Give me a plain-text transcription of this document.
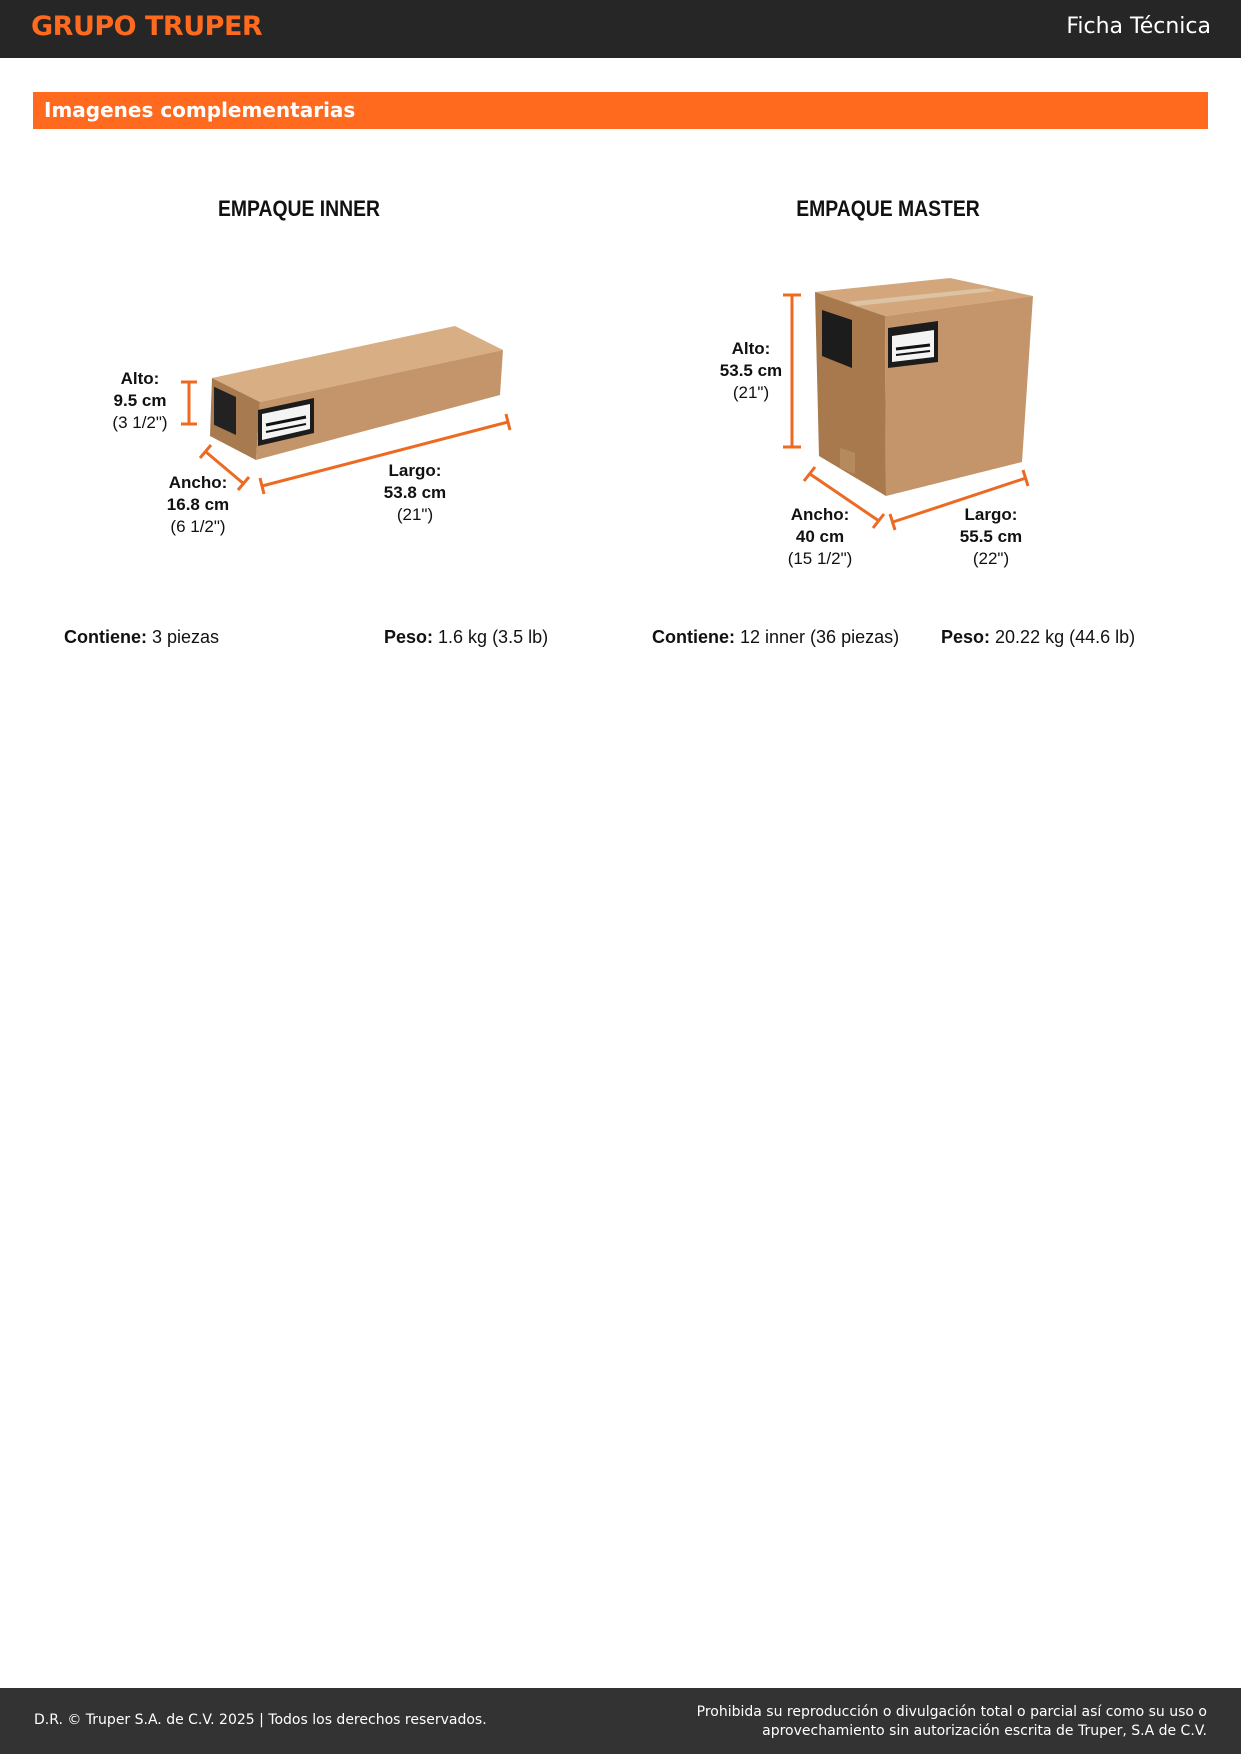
GRUPO TRUPER	Ficha Técnica
Imagenes complementarias
EMPAQUE INNER	EMPAQUE MASTER
Alto:
9.5 cm
(3 1/2")
Ancho:
16.8 cm
(6 1/2")
Largo:
53.8 cm
(21")
Alto:
53.5 cm
(21")
Ancho:
40 cm
(15 1/2")
Largo:
55.5 cm
(22")
Contiene: 3 piezas	Peso: 1.6 kg (3.5 lb)	Contiene: 12 inner (36 piezas) Peso: 20.22 kg (44.6 lb)
D.R. © Truper S.A. de C.V. 2025 | Todos los derechos reservados.	Prohibida su reproducción o divulgación total o parcial así como su uso o
aprovechamiento sin autorización escrita de Truper, S.A de C.V.
